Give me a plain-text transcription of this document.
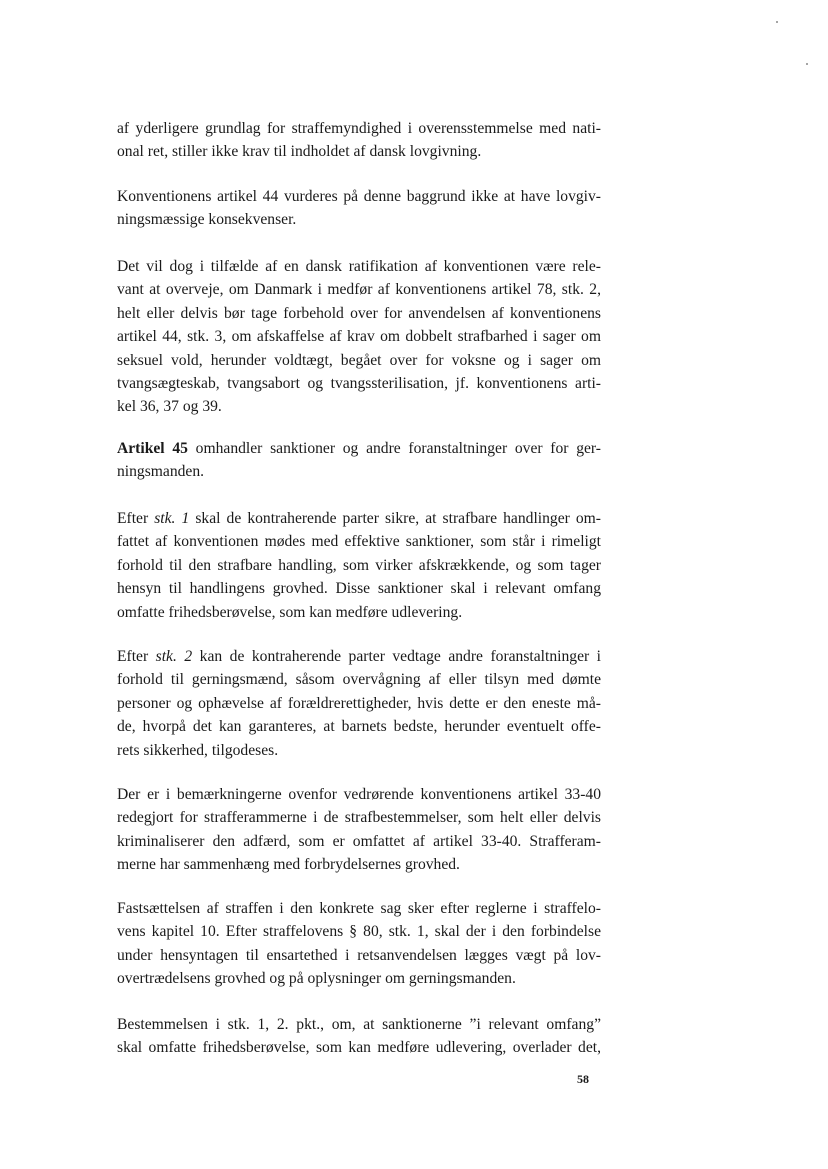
af yderligere grundlag for straffemyndighed i overensstemmelse med nati-
onal ret, stiller ikke krav til indholdet af dansk lovgivning.
Konventionens artikel 44 vurderes på denne baggrund ikke at have lovgiv-
ningsmæssige konsekvenser.
Det vil dog i tilfælde af en dansk ratifikation af konventionen være rele-
vant at overveje, om Danmark i medfør af konventionens artikel 78, stk. 2,
helt eller delvis bør tage forbehold over for anvendelsen af konventionens
artikel 44, stk. 3, om afskaffelse af krav om dobbelt strafbarhed i sager om
seksuel vold, herunder voldtægt, begået over for voksne og i sager om
tvangsægteskab, tvangsabort og tvangssterilisation, jf. konventionens arti-
kel 36, 37 og 39.
Artikel 45 omhandler sanktioner og andre foranstaltninger over for ger-
ningsmanden.
Efter stk. 1 skal de kontraherende parter sikre, at strafbare handlinger om-
fattet af konventionen mødes med effektive sanktioner, som står i rimeligt
forhold til den strafbare handling, som virker afskrækkende, og som tager
hensyn til handlingens grovhed. Disse sanktioner skal i relevant omfang
omfatte frihedsberøvelse, som kan medføre udlevering.
Efter stk. 2 kan de kontraherende parter vedtage andre foranstaltninger i
forhold til gerningsmænd, såsom overvågning af eller tilsyn med dømte
personer og ophævelse af forældrerettigheder, hvis dette er den eneste må-
de, hvorpå det kan garanteres, at barnets bedste, herunder eventuelt offe-
rets sikkerhed, tilgodeses.
Der er i bemærkningerne ovenfor vedrørende konventionens artikel 33-40
redegjort for strafferammerne i de strafbestemmelser, som helt eller delvis
kriminaliserer den adfærd, som er omfattet af artikel 33-40. Strafferam-
merne har sammenhæng med forbrydelsernes grovhed.
Fastsættelsen af straffen i den konkrete sag sker efter reglerne i straffelo-
vens kapitel 10. Efter straffelovens § 80, stk. 1, skal der i den forbindelse
under hensyntagen til ensartethed i retsanvendelsen lægges vægt på lov-
overtrædelsens grovhed og på oplysninger om gerningsmanden.
Bestemmelsen i stk. 1, 2. pkt., om, at sanktionerne ”i relevant omfang”
skal omfatte frihedsberøvelse, som kan medføre udlevering, overlader det,
58
